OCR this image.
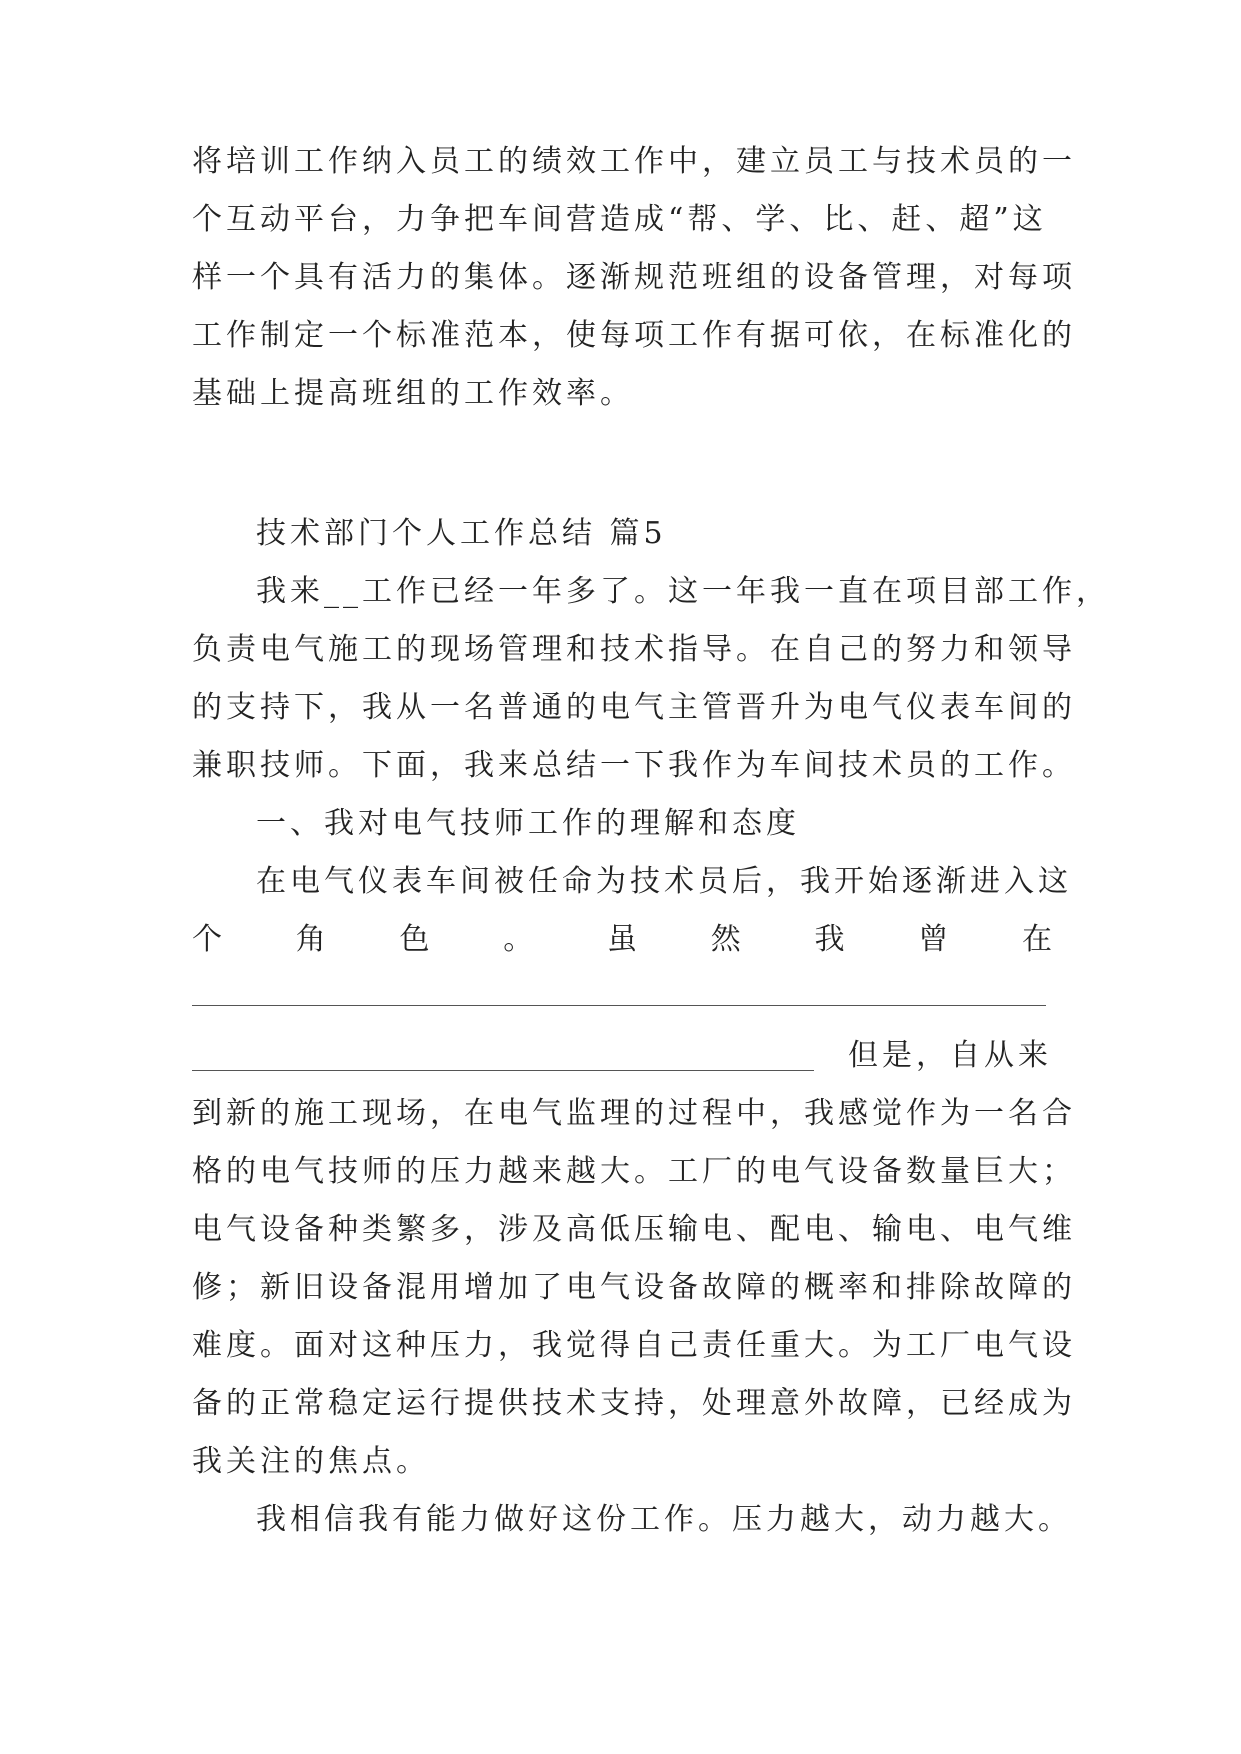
将培训工作纳入员工的绩效工作中，建立员工与技术员的一
个互动平台，力争把车间营造成“帮、学、比、赶、超”这
样一个具有活力的集体。逐渐规范班组的设备管理，对每项
工作制定一个标准范本，使每项工作有据可依，在标准化的
基础上提高班组的工作效率。
技术部门个人工作总结 篇5
我来__工作已经一年多了。这一年我一直在项目部工作，
负责电气施工的现场管理和技术指导。在自己的努力和领导
的支持下，我从一名普通的电气主管晋升为电气仪表车间的
兼职技师。下面，我来总结一下我作为车间技术员的工作。
一、我对电气技师工作的理解和态度
在电气仪表车间被任命为技术员后，我开始逐渐进入这
个 角 色 。 虽 然 我 曾 在
但是，自从来
到新的施工现场，在电气监理的过程中，我感觉作为一名合
格的电气技师的压力越来越大。工厂的电气设备数量巨大；
电气设备种类繁多，涉及高低压输电、配电、输电、电气维
修；新旧设备混用增加了电气设备故障的概率和排除故障的
难度。面对这种压力，我觉得自己责任重大。为工厂电气设
备的正常稳定运行提供技术支持，处理意外故障，已经成为
我关注的焦点。
我相信我有能力做好这份工作。压力越大，动力越大。
